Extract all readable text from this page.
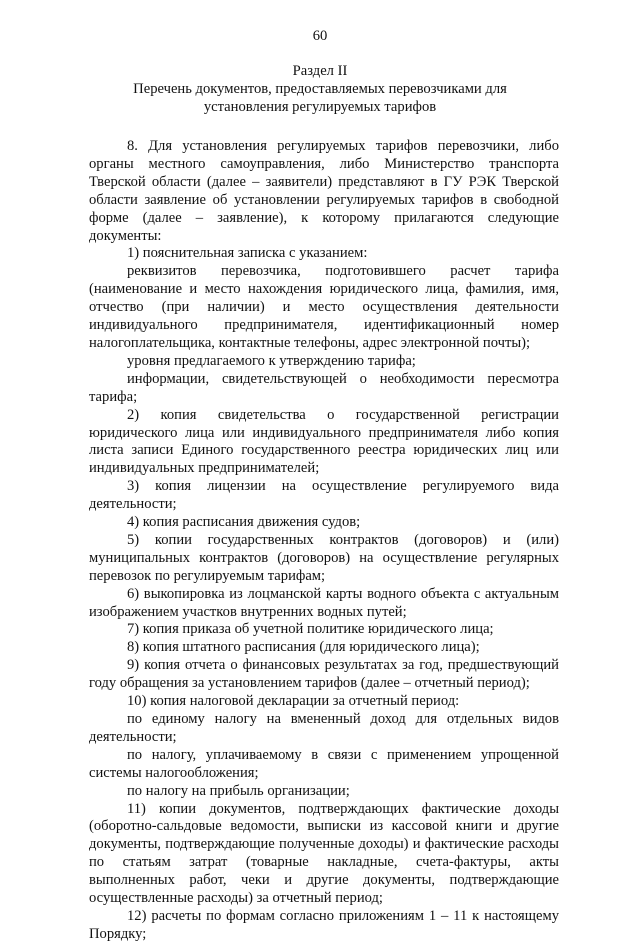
60
Раздел II
Перечень документов, предоставляемых перевозчиками для установления регулируемых тарифов

8. Для установления регулируемых тарифов перевозчики, либо органы местного самоуправления, либо Министерство транспорта Тверской области (далее – заявители) представляют в ГУ РЭК Тверской области заявление об установлении регулируемых тарифов в свободной форме (далее – заявление), к которому прилагаются следующие документы:

1) пояснительная записка с указанием:

реквизитов перевозчика, подготовившего расчет тарифа (наименование и место нахождения юридического лица, фамилия, имя, отчество (при наличии) и место осуществления деятельности индивидуального предпринимателя, идентификационный номер налогоплательщика, контактные телефоны, адрес электронной почты);

уровня предлагаемого к утверждению тарифа;

информации, свидетельствующей о необходимости пересмотра тарифа;

2) копия свидетельства о государственной регистрации юридического лица или индивидуального предпринимателя либо копия листа записи Единого государственного реестра юридических лиц или индивидуальных предпринимателей;

3) копия лицензии на осуществление регулируемого вида деятельности;

4) копия расписания движения судов;

5) копии государственных контрактов (договоров) и (или) муниципальных контрактов (договоров) на осуществление регулярных перевозок по регулируемым тарифам;

6) выкопировка из лоцманской карты водного объекта с актуальным изображением участков внутренних водных путей;

7) копия приказа об учетной политике юридического лица;

8) копия штатного расписания (для юридического лица);

9) копия отчета о финансовых результатах за год, предшествующий году обращения за установлением тарифов (далее – отчетный период);

10) копия налоговой декларации за отчетный период:

по единому налогу на вмененный доход для отдельных видов деятельности;

по налогу, уплачиваемому в связи с применением упрощенной системы налогообложения;

по налогу на прибыль организации;

11) копии документов, подтверждающих фактические доходы (оборотно-сальдовые ведомости, выписки из кассовой книги и другие документы, подтверждающие полученные доходы) и фактические расходы по статьям затрат (товарные накладные, счета-фактуры, акты выполненных работ, чеки и другие документы, подтверждающие осуществленные расходы) за отчетный период;

12) расчеты по формам согласно приложениям 1 – 11 к настоящему Порядку;
